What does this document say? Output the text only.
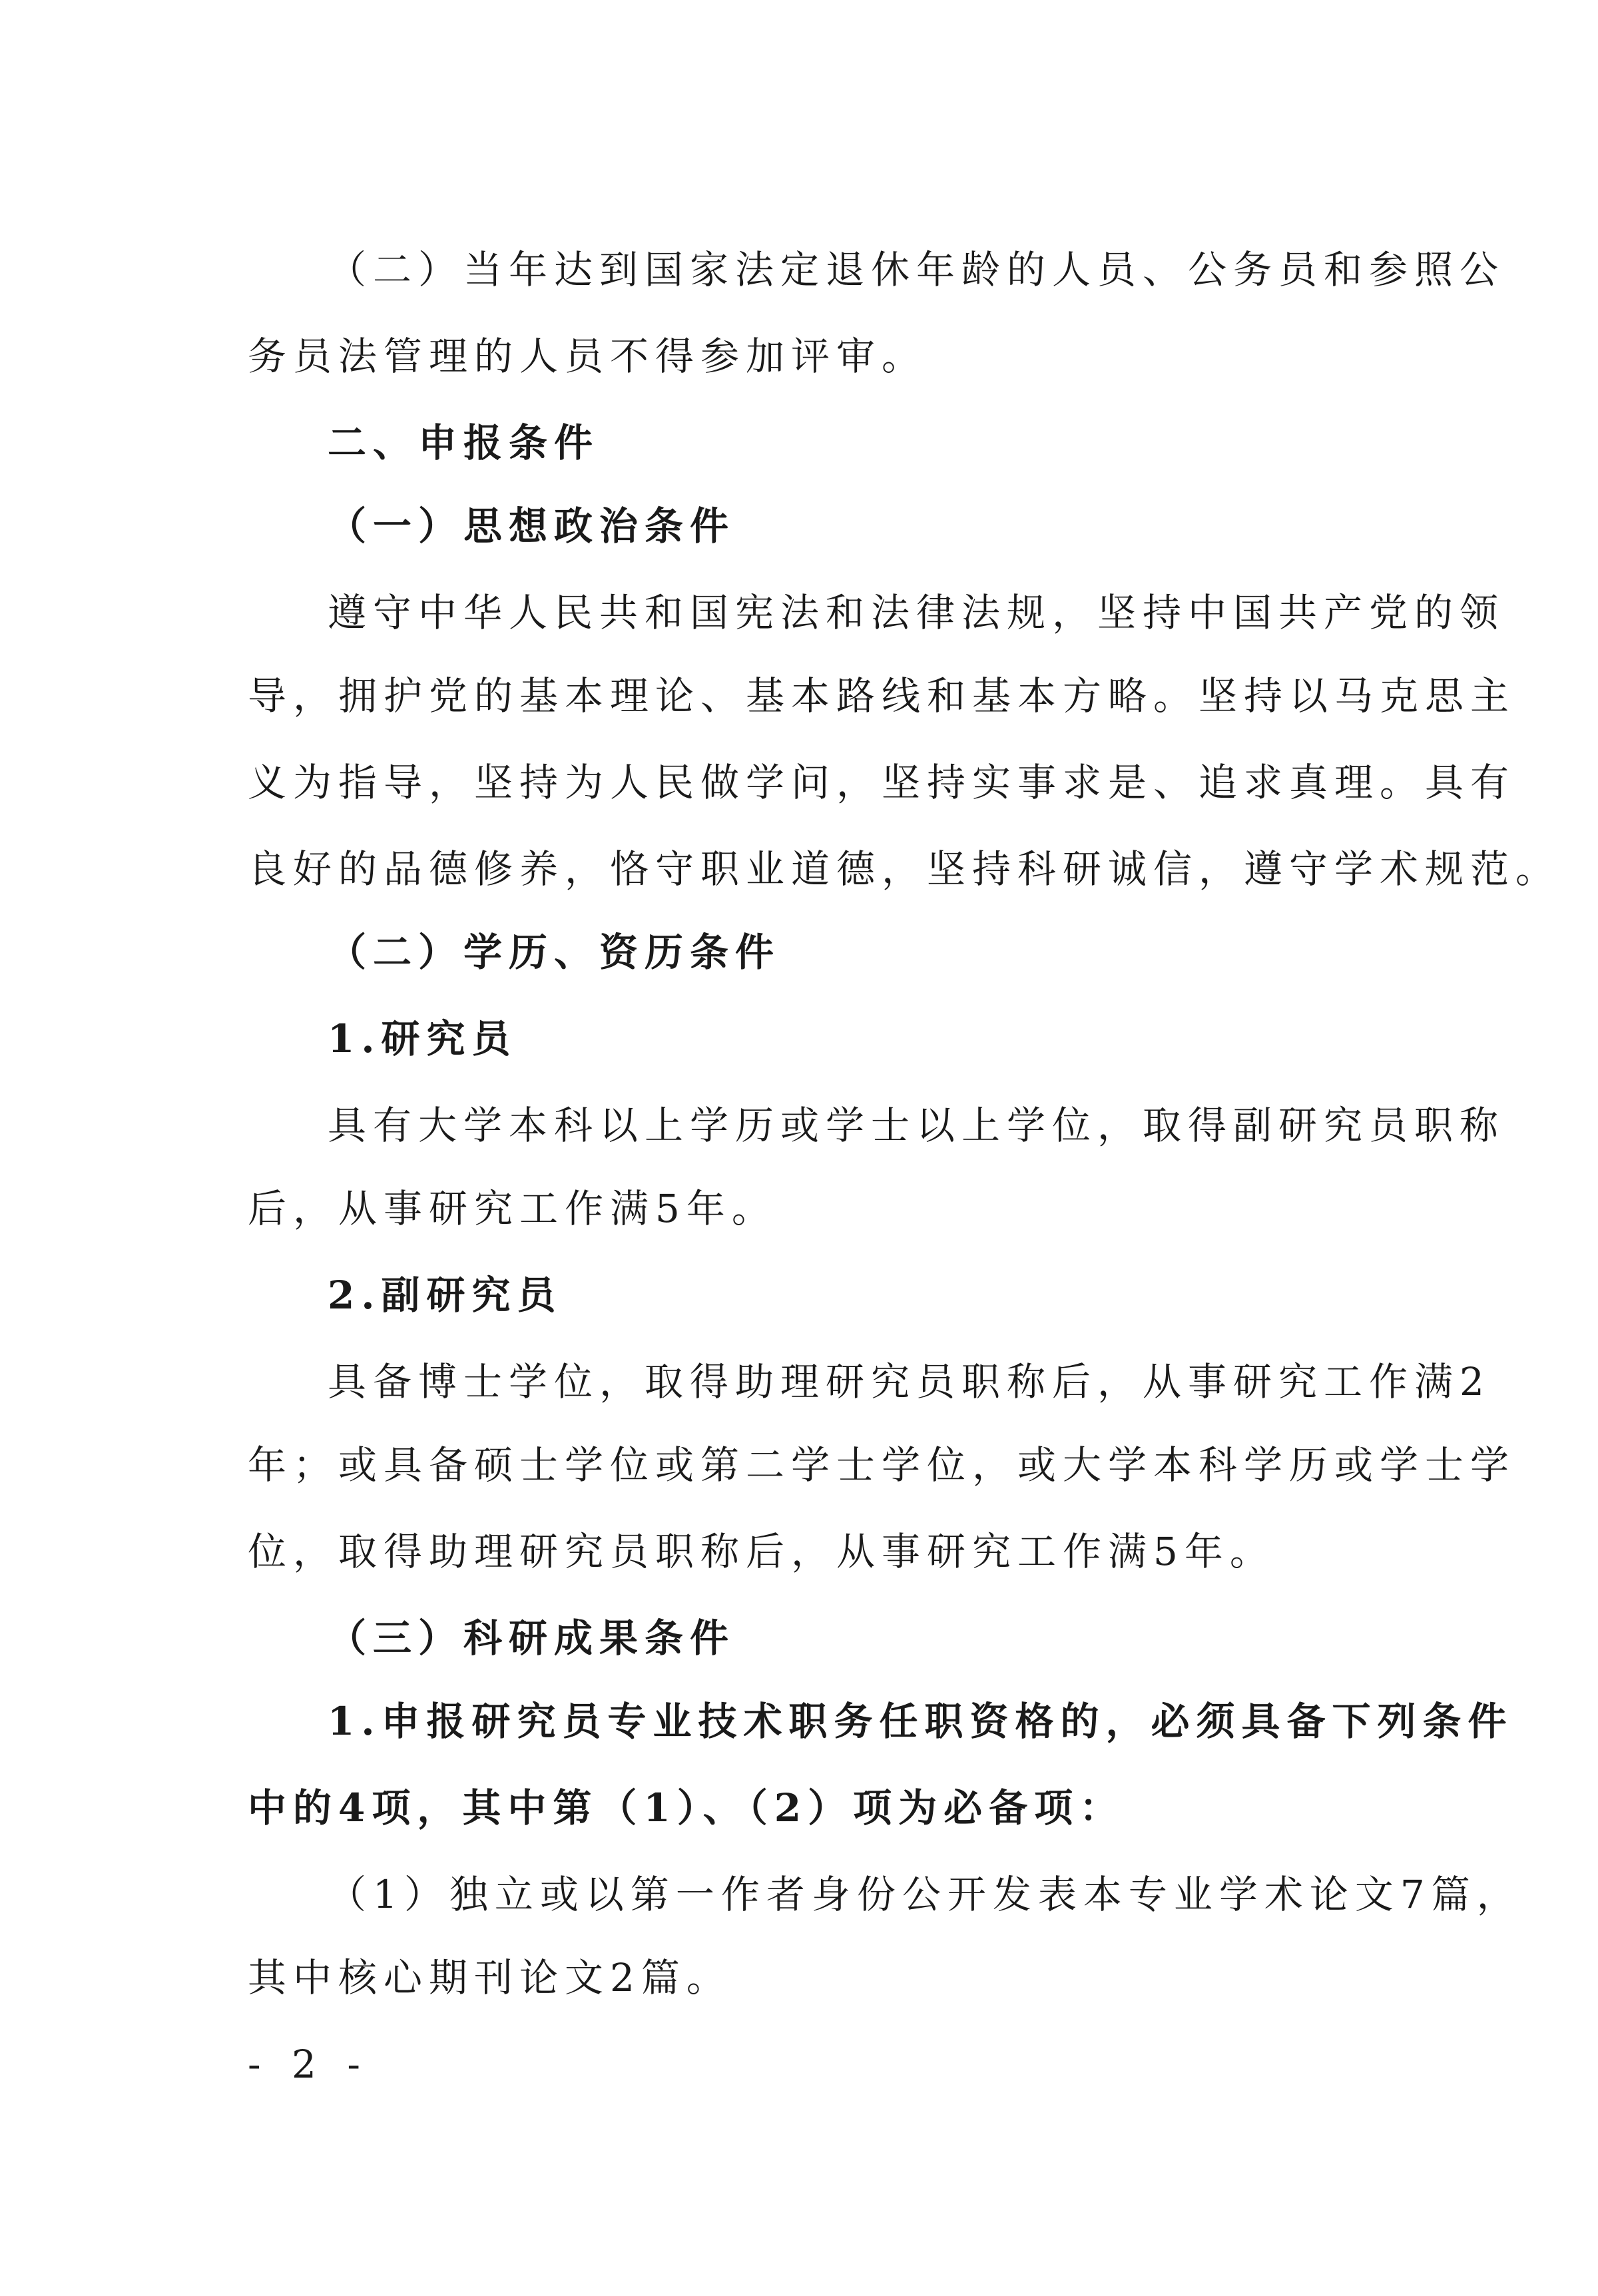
（二）当年达到国家法定退休年龄的人员、公务员和参照公
务员法管理的人员不得参加评审。
二、申报条件
（一）思想政治条件
遵守中华人民共和国宪法和法律法规，坚持中国共产党的领
导，拥护党的基本理论、基本路线和基本方略。坚持以马克思主
义为指导，坚持为人民做学问，坚持实事求是、追求真理。具有
良好的品德修养，恪守职业道德，坚持科研诚信，遵守学术规范。
（二）学历、资历条件
1.研究员
具有大学本科以上学历或学士以上学位，取得副研究员职称
后，从事研究工作满5年。
2.副研究员
具备博士学位，取得助理研究员职称后，从事研究工作满2
年；或具备硕士学位或第二学士学位，或大学本科学历或学士学
位，取得助理研究员职称后，从事研究工作满5年。
（三）科研成果条件
1.申报研究员专业技术职务任职资格的，必须具备下列条件
中的4项，其中第（1）、（2）项为必备项：
（1）独立或以第一作者身份公开发表本专业学术论文7篇，
其中核心期刊论文2篇。
- 2 -
